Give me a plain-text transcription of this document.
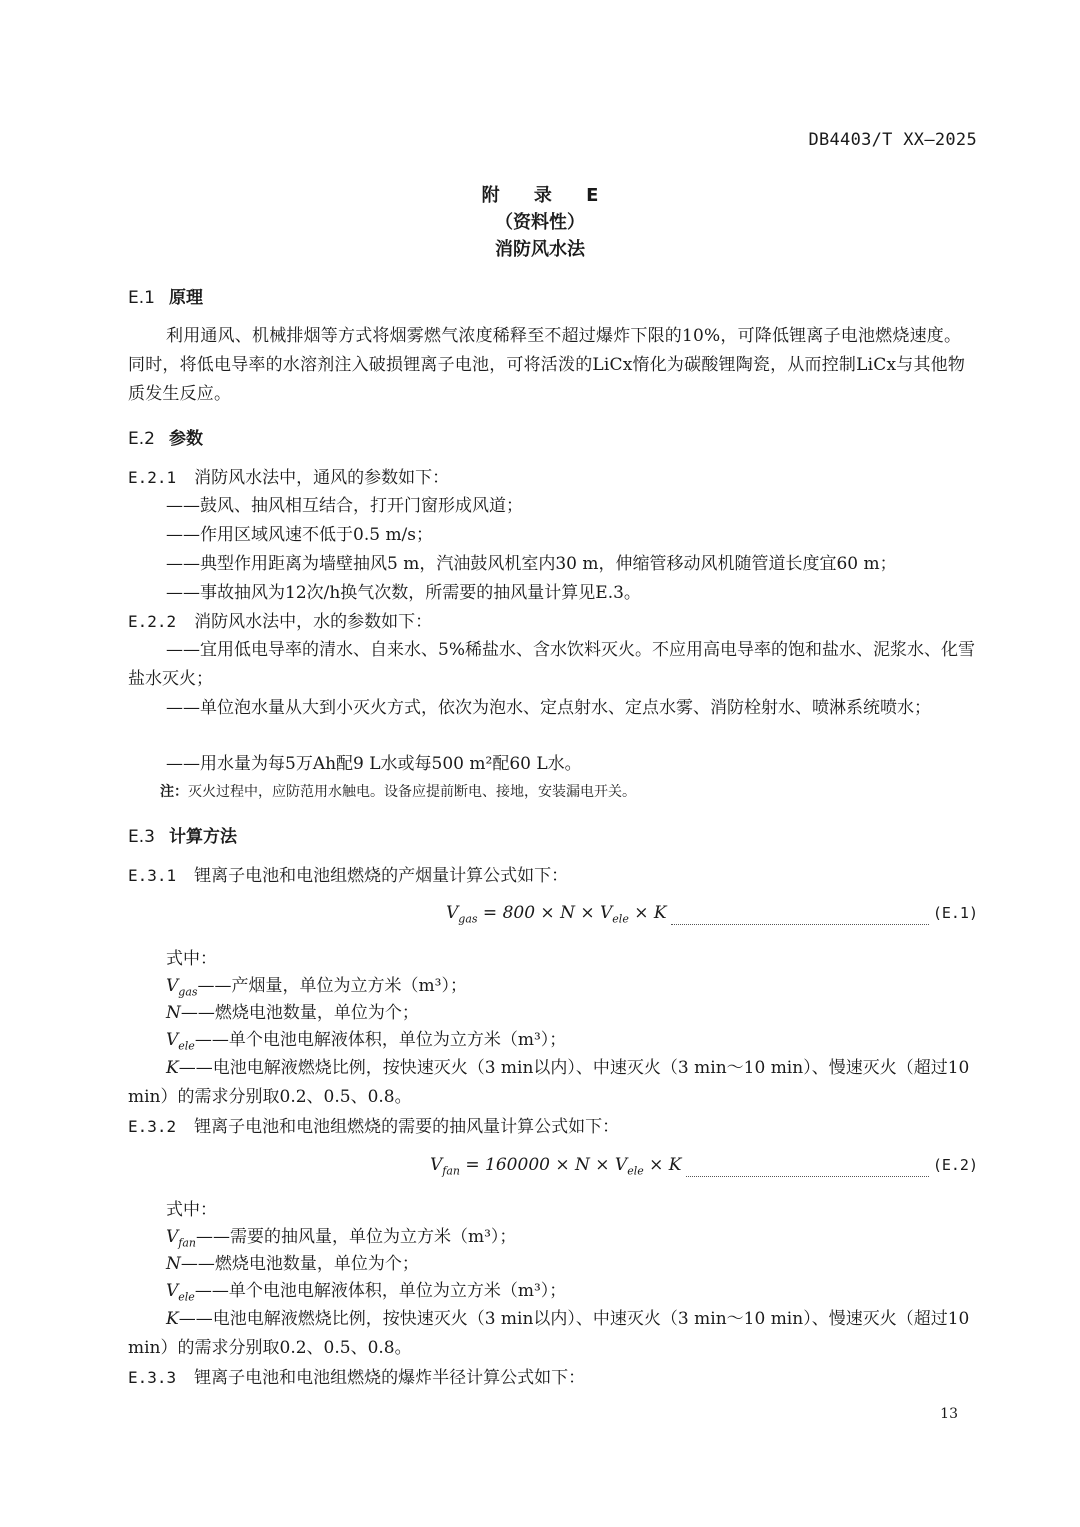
DB4403/T XX—2025
附 录 E
（资料性）
消防风水法
E.1 原理
利用通风、机械排烟等方式将烟雾燃气浓度稀释至不超过爆炸下限的10%，可降低锂离子电池燃烧速度。同时，将低电导率的水溶剂注入破损锂离子电池，可将活泼的LiCx惰化为碳酸锂陶瓷，从而控制LiCx与其他物质发生反应。
E.2 参数
E.2.1 消防风水法中，通风的参数如下：
——鼓风、抽风相互结合，打开门窗形成风道；
——作用区域风速不低于0.5 m/s；
——典型作用距离为墙壁抽风5 m，汽油鼓风机室内30 m，伸缩管移动风机随管道长度宜60 m；
——事故抽风为12次/h换气次数，所需要的抽风量计算见E.3。
E.2.2 消防风水法中，水的参数如下：
——宜用低电导率的清水、自来水、5%稀盐水、含水饮料灭火。不应用高电导率的饱和盐水、泥浆水、化雪盐水灭火；
——单位泡水量从大到小灭火方式，依次为泡水、定点射水、定点水雾、消防栓射水、喷淋系统喷水；
——用水量为每5万Ah配9 L水或每500 m²配60 L水。
注：灭火过程中，应防范用水触电。设备应提前断电、接地，安装漏电开关。
E.3 计算方法
E.3.1 锂离子电池和电池组燃烧的产烟量计算公式如下：
$V_{gas} = 800 \times N \times V_{ele} \times K$	(E.1)
式中：
$V_{gas}——$产烟量，单位为立方米（m³）；
N——燃烧电池数量，单位为个；
$V_{ele}——$单个电池电解液体积，单位为立方米（m³）；
K——电池电解液燃烧比例，按快速灭火（3 min以内）、中速灭火（3 min～10 min）、慢速灭火（超过10 min）的需求分别取0.2、0.5、0.8。
E.3.2 锂离子电池和电池组燃烧的需要的抽风量计算公式如下：
$V_{fan} = 160000 \times N \times V_{ele} \times K$	(E.2)
式中：
$V_{fan}——$需要的抽风量，单位为立方米（m³）；
N——燃烧电池数量，单位为个；
$V_{ele}——$单个电池电解液体积，单位为立方米（m³）；
K——电池电解液燃烧比例，按快速灭火（3 min以内）、中速灭火（3 min～10 min）、慢速灭火（超过10 min）的需求分别取0.2、0.5、0.8。
E.3.3 锂离子电池和电池组燃烧的爆炸半径计算公式如下：
13
